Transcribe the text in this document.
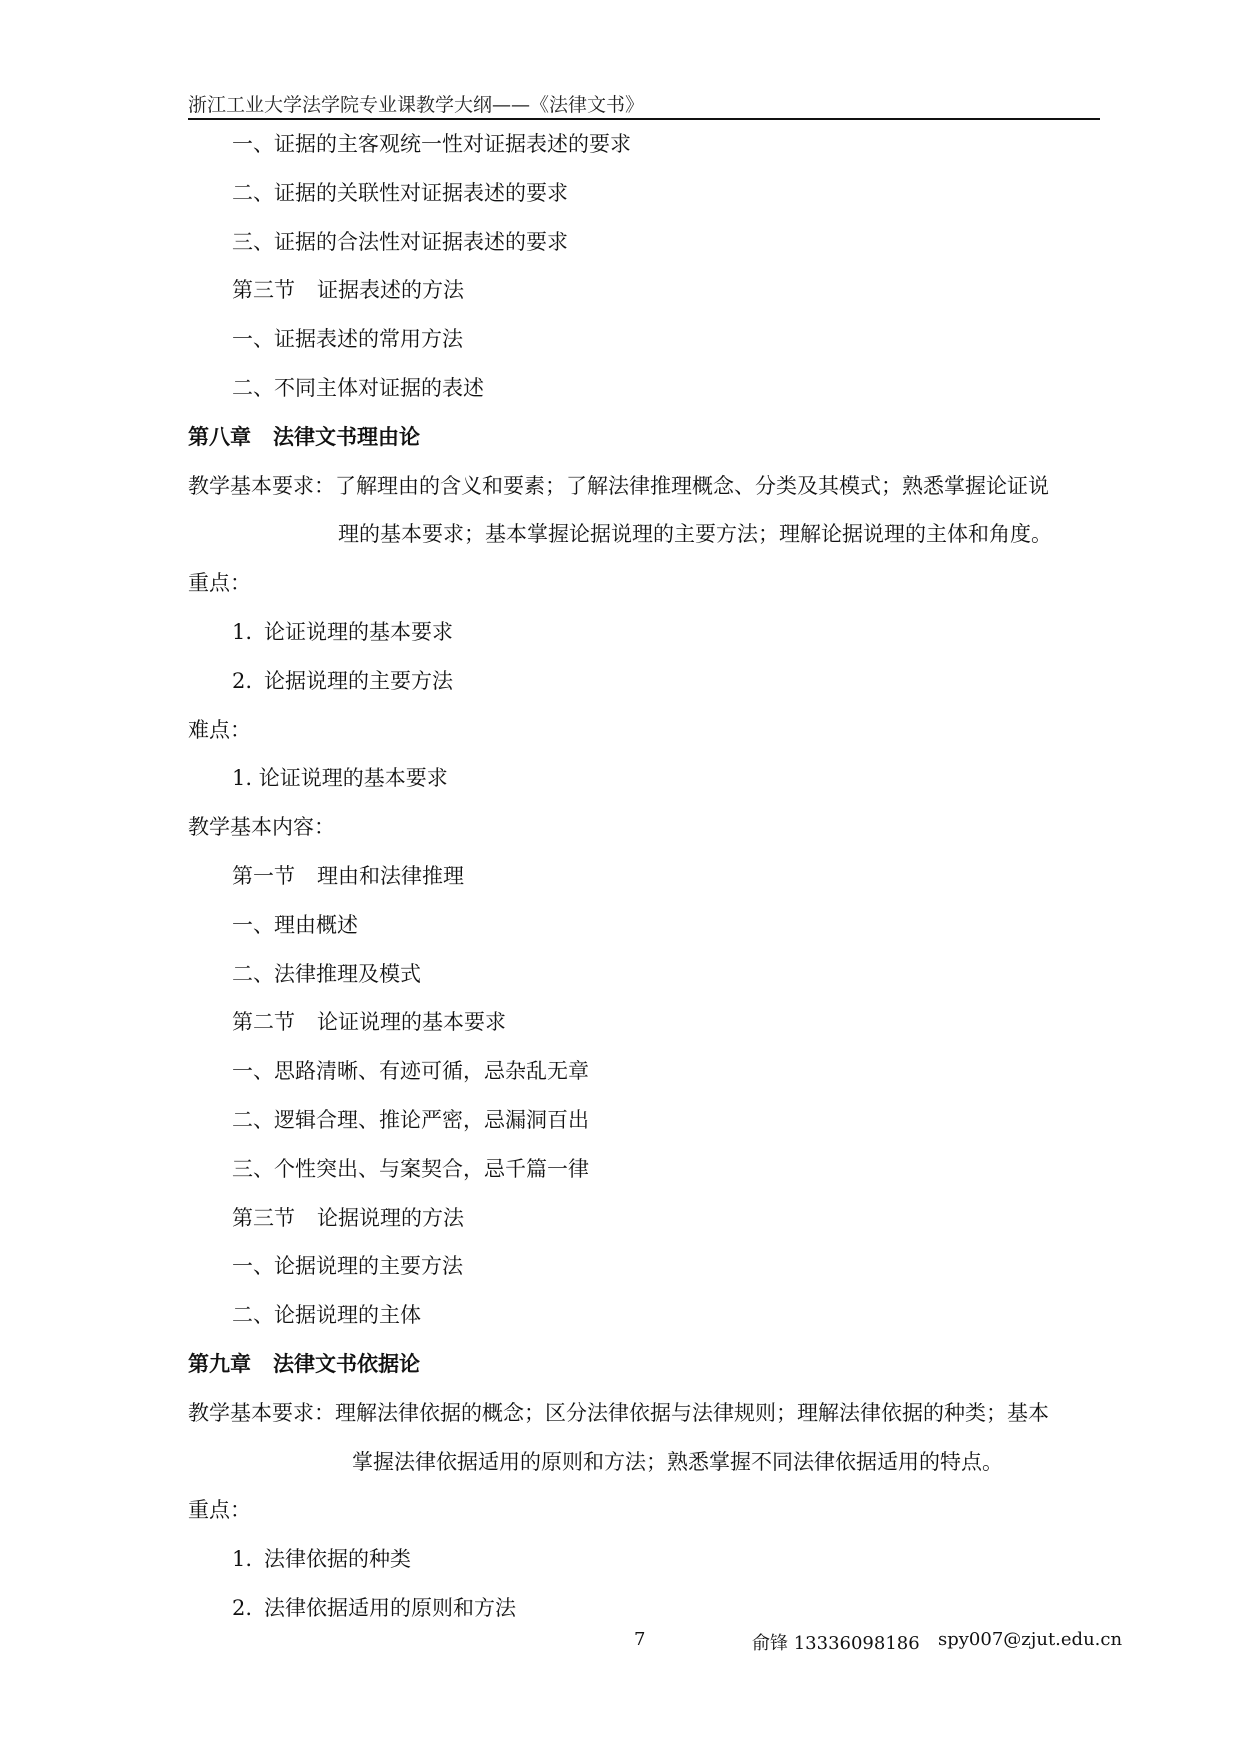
浙江工业大学法学院专业课教学大纲——《法律文书》
一、证据的主客观统一性对证据表述的要求
二、证据的关联性对证据表述的要求
三、证据的合法性对证据表述的要求
第三节 证据表述的方法
一、证据表述的常用方法
二、不同主体对证据的表述
第八章 法律文书理由论
教学基本要求：了解理由的含义和要素；了解法律推理概念、分类及其模式；熟悉掌握论证说
理的基本要求；基本掌握论据说理的主要方法；理解论据说理的主体和角度。
重点：
1. 论证说理的基本要求
2. 论据说理的主要方法
难点：
1. 论证说理的基本要求
教学基本内容：
第一节 理由和法律推理
一、理由概述
二、法律推理及模式
第二节 论证说理的基本要求
一、思路清晰、有迹可循，忌杂乱无章
二、逻辑合理、推论严密，忌漏洞百出
三、个性突出、与案契合，忌千篇一律
第三节 论据说理的方法
一、论据说理的主要方法
二、论据说理的主体
第九章 法律文书依据论
教学基本要求：理解法律依据的概念；区分法律依据与法律规则；理解法律依据的种类；基本
掌握法律依据适用的原则和方法；熟悉掌握不同法律依据适用的特点。
重点：
1. 法律依据的种类
2. 法律依据适用的原则和方法
7	俞锋 13336098186 spy007@zjut.edu.cn
